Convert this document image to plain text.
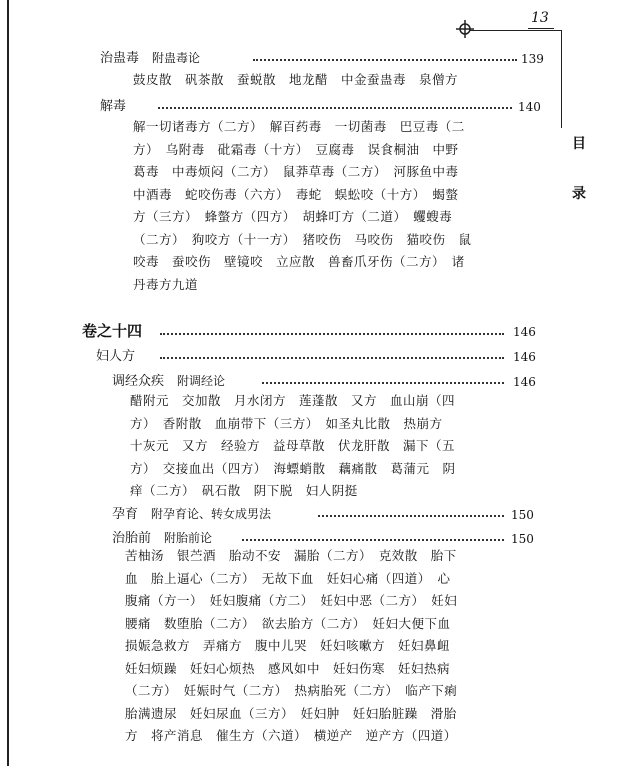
13
目
录
治蛊毒　 附蛊毒论	139
鼓皮散　矾茶散　蚕蜕散　地龙醋　中金蚕蛊毒　泉僧方
解毒	140
解一切诸毒方（二方）　解百药毒　一切菌毒　巴豆毒（二
方）　乌附毒　砒霜毒（十方）　豆腐毒　误食桐油　中野
葛毒　中毒烦闷（二方）　鼠莽草毒（二方）　河豚鱼中毒
中酒毒　蛇咬伤毒（六方）　毒蛇　蜈蚣咬（十方）　蝎螫
方（三方）　蜂螫方（四方）　胡蜂叮方（二道）　蠼螋毒
（二方）　狗咬方（十一方）　猪咬伤　马咬伤　猫咬伤　鼠
咬毒　蚕咬伤　壁镜咬　立应散　兽畜爪牙伤（二方）　诸
丹毒方九道
卷之十四	146
妇人方	146
调经众疾　 附调经论	146
醋附元　交加散　月水闭方　莲蓬散　又方　血山崩（四
方）　香附散　血崩带下（三方）　如圣丸比散　热崩方
十灰元　又方　经验方　益母草散　伏龙肝散　漏下（五
方）　交接血出（四方）　海螵蛸散　藕痛散　葛蒲元　阴
痒（二方）　矾石散　阴下脱　妇人阴挺
孕育　 附孕育论、转女成男法	150
治胎前　 附胎前论	150
苦柚汤　银苎酒　胎动不安　漏胎（二方）　克效散　胎下
血　胎上逼心（二方）　无故下血　妊妇心痛（四道）　心
腹痛（方一）　妊妇腹痛（方二）　妊妇中恶（二方）　妊妇
腰痛　数堕胎（二方）　欲去胎方（二方）　妊妇大便下血
损娠急救方　弄痛方　腹中儿哭　妊妇咳嗽方　妊妇鼻衄
妊妇烦躁　妊妇心烦热　感风如中　妊妇伤寒　妊妇热病
（二方）　妊娠时气（二方）　热病胎死（二方）　临产下痢
胎满遗尿　妊妇尿血（三方）　妊妇肿　妊妇胎脏躁　滑胎
方　将产消息　催生方（六道）　横逆产　逆产方（四道）
